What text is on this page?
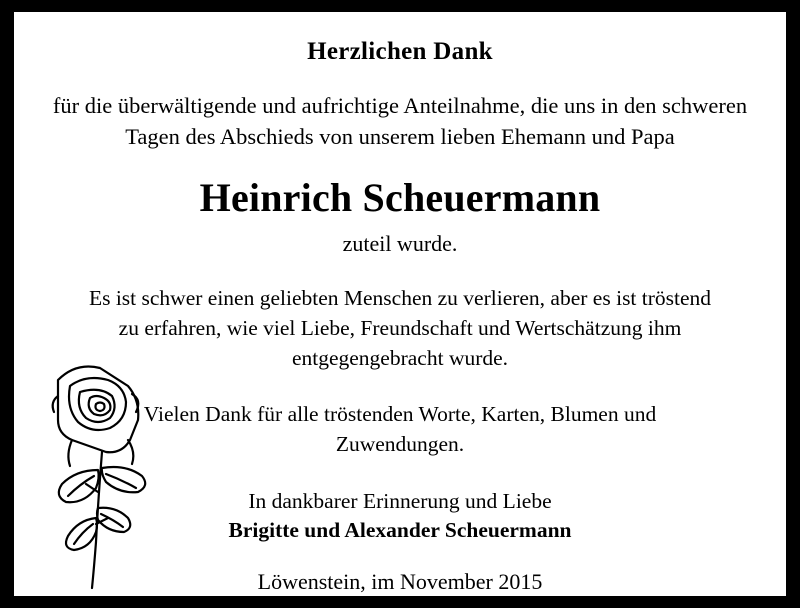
Herzlichen Dank
für die überwältigende und aufrichtige Anteilnahme, die uns in den schweren Tagen des Abschieds von unserem lieben Ehemann und Papa
Heinrich Scheuermann
zuteil wurde.
Es ist schwer einen geliebten Menschen zu verlieren, aber es ist tröstend zu erfahren, wie viel Liebe, Freundschaft und Wertschätzung ihm entgegengebracht wurde.
Vielen Dank für alle tröstenden Worte, Karten, Blumen und Zuwendungen.
In dankbarer Erinnerung und Liebe
Brigitte und Alexander Scheuermann
Löwenstein, im November 2015
